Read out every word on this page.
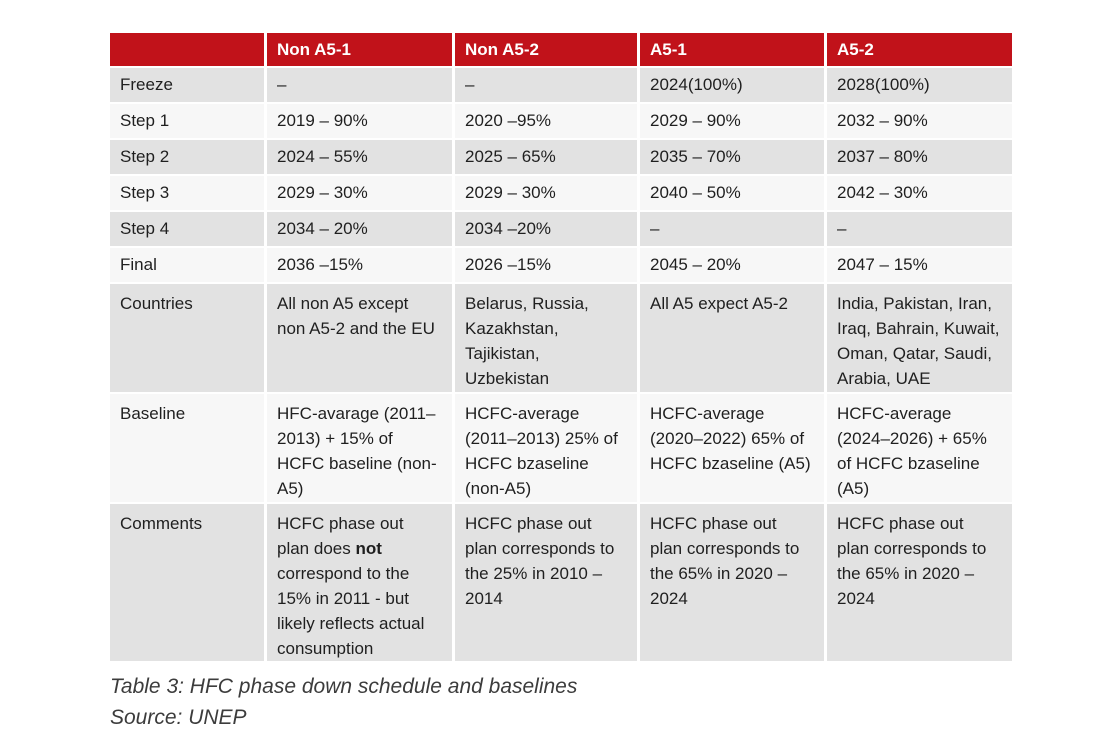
	Non A5-1	Non A5-2	A5-1	A5-2
Freeze	–	–	2024(100%)	2028(100%)
Step 1	2019 – 90%	2020 –95%	2029 – 90%	2032 – 90%
Step 2	2024 – 55%	2025 – 65%	2035 – 70%	2037 – 80%
Step 3	2029 – 30%	2029 – 30%	2040 – 50%	2042 – 30%
Step 4	2034 – 20%	2034 –20%	–	–
Final	2036 –15%	2026 –15%	2045 – 20%	2047 – 15%
Countries	All non A5 except non A5-2 and the EU	Belarus, Russia, Kazakhstan, Tajikistan, Uzbekistan	All A5 expect A5-2	India, Pakistan, Iran, Iraq, Bahrain, Kuwait, Oman, Qatar, Saudi, Arabia, UAE
Baseline	HFC-avarage (2011–2013) + 15% of HCFC baseline (non-A5)	HCFC-average (2011–2013) 25% of HCFC bzaseline (non-A5)	HCFC-average (2020–2022) 65% of HCFC bzaseline (A5)	HCFC-average (2024–2026) + 65% of HCFC bzaseline (A5)
Comments	HCFC phase out plan does not correspond to the 15% in 2011 - but likely reflects actual consumption	HCFC phase out plan corresponds to the 25% in 2010 – 2014	HCFC phase out plan corresponds to the 65% in 2020 – 2024	HCFC phase out plan corresponds to the 65% in 2020 – 2024
Table 3: HFC phase down schedule and baselines
Source: UNEP
